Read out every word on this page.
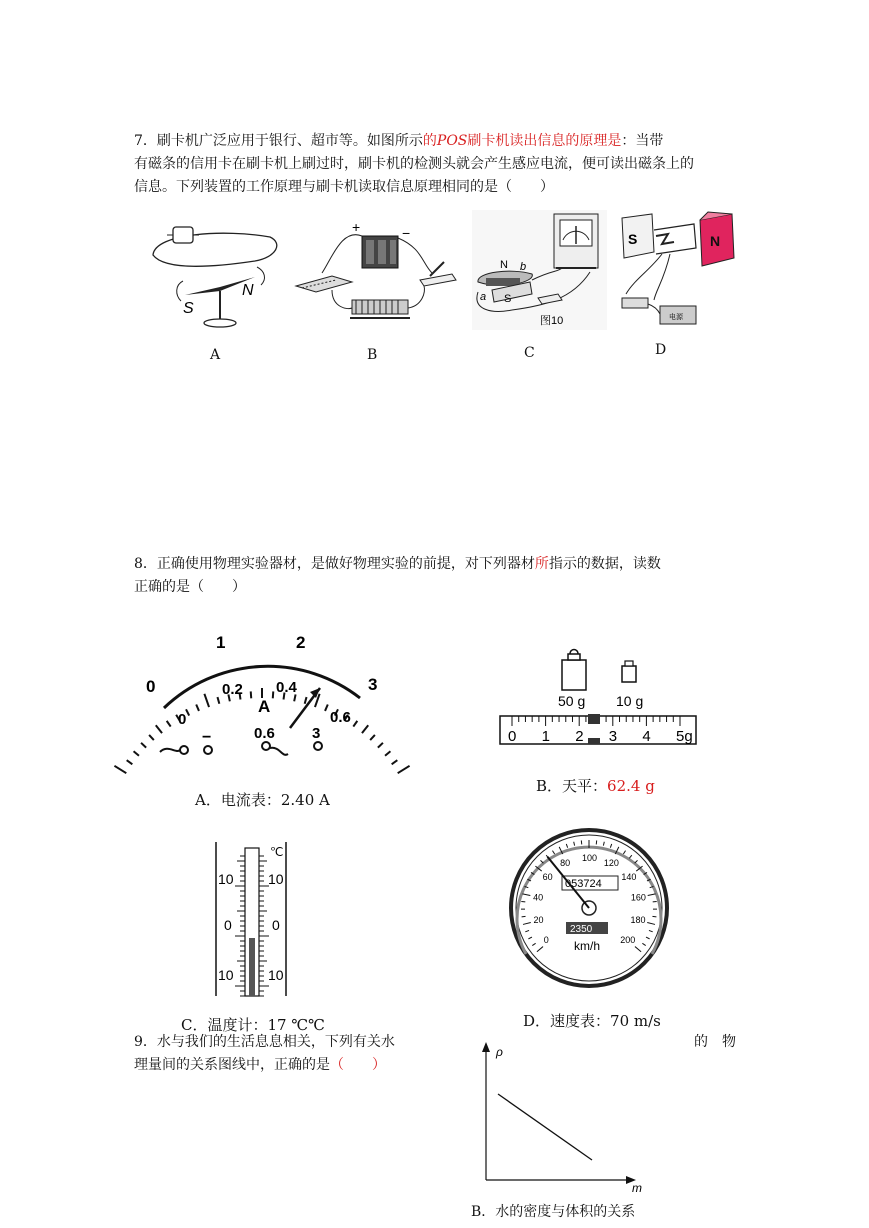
7．刷卡机广泛应用于银行、超市等。如图所示的POS刷卡机读出信息的原理是：当带
有磁条的信用卡在刷卡机上刷过时，刷卡机的检测头就会产生感应电流，便可读出磁条上的
信息。下列装置的工作原理与刷卡机读取信息原理相同的是（　　）
S
N
+	−
N b
a S
图10
S	N
电源
A	B	C	D
8．正确使用物理实验器材，是做好物理实验的前提，对下列器材所指示的数据，读数
正确的是（　　）
0
1	2
3
0
0.2 0.4
0.6
A
−	0.6 3
A．电流表：2.40 A
50 g 10 g
0 1 2 3 4 5g
B．天平：62.4 g
℃
10
0
10
10
0
10
C．温度计：17 ℃℃
0
20
40
60
80
100
120
140
160
180
200
053724
2350
km/h
D．速度表：70 m/s
9．水与我们的生活息息相关，下列有关水	的　物
理量间的关系图线中，正确的是（　　）
ρ
m
B．水的密度与体积的关系
